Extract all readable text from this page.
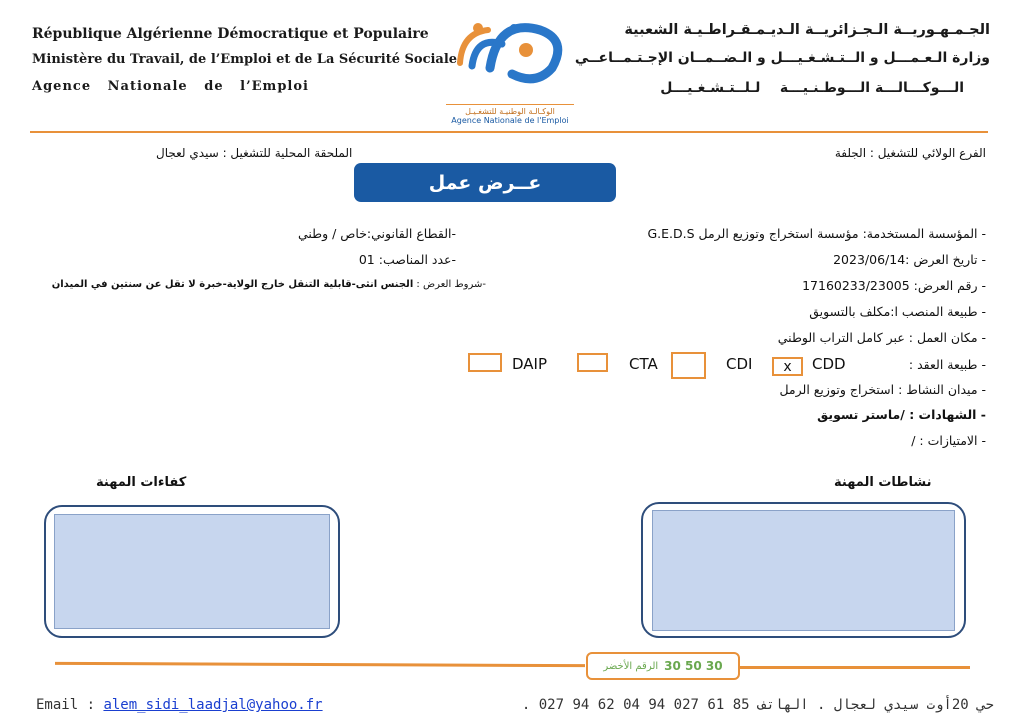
République Algérienne Démocratique et Populaire
Ministère du Travail, de l’Emploi et de La Sécurité Sociale
Agence   Nationale   de   l’Emploi
الوكـالـة الوطنيـة للتشغـيـل
Agence Nationale de l'Emploi
الجـمـهـوريــة الـجـزائريــة الـديـمـقـراطـيـة الشعبية
وزارة الـعـمـــل و الــتـشـغـيـــل و الـضــمــان الإجـتـمــاعــي
الـــوكـــالـــة الـــوطـنـيـــة    لـلــتـشـغـيـــل
الفرع الولائي للتشغيل : الجلفة
الملحقة المحلية للتشغيل : سيدي لعجال
عــرض عمل
- المؤسسة المستخدمة: مؤسسة استخراج وتوزيع الرمل G.E.D.S
- تاريخ العرض :2023/06/14
- رقم العرض: 17160233/23005
- طبيعة المنصب ا:مكلف بالتسويق
- مكان العمل : عبر كامل التراب الوطني
- طبيعة العقد :
- ميدان النشاط : استخراج وتوزيع الرمل
- الشهادات : /ماستر تسويق
- الامتيازات : /
-القطاع القانوني:خاص / وطني
-عدد المناصب: 01
-شروط العرض : الجنس انثى-قابلية التنقل خارج الولاية-خبرة لا تقل عن سنتين في الميدان
CDD
x
CDI
CTA
DAIP
نشاطات المهنة
كفاءات المهنة
الرقم الأخضر 30 50 30
Email : alem_sidi_laadjal@yahoo.fr	حي 20أوت سيدي لعجال . الهاتف 85 61 027 94 04 62 94 027 .
